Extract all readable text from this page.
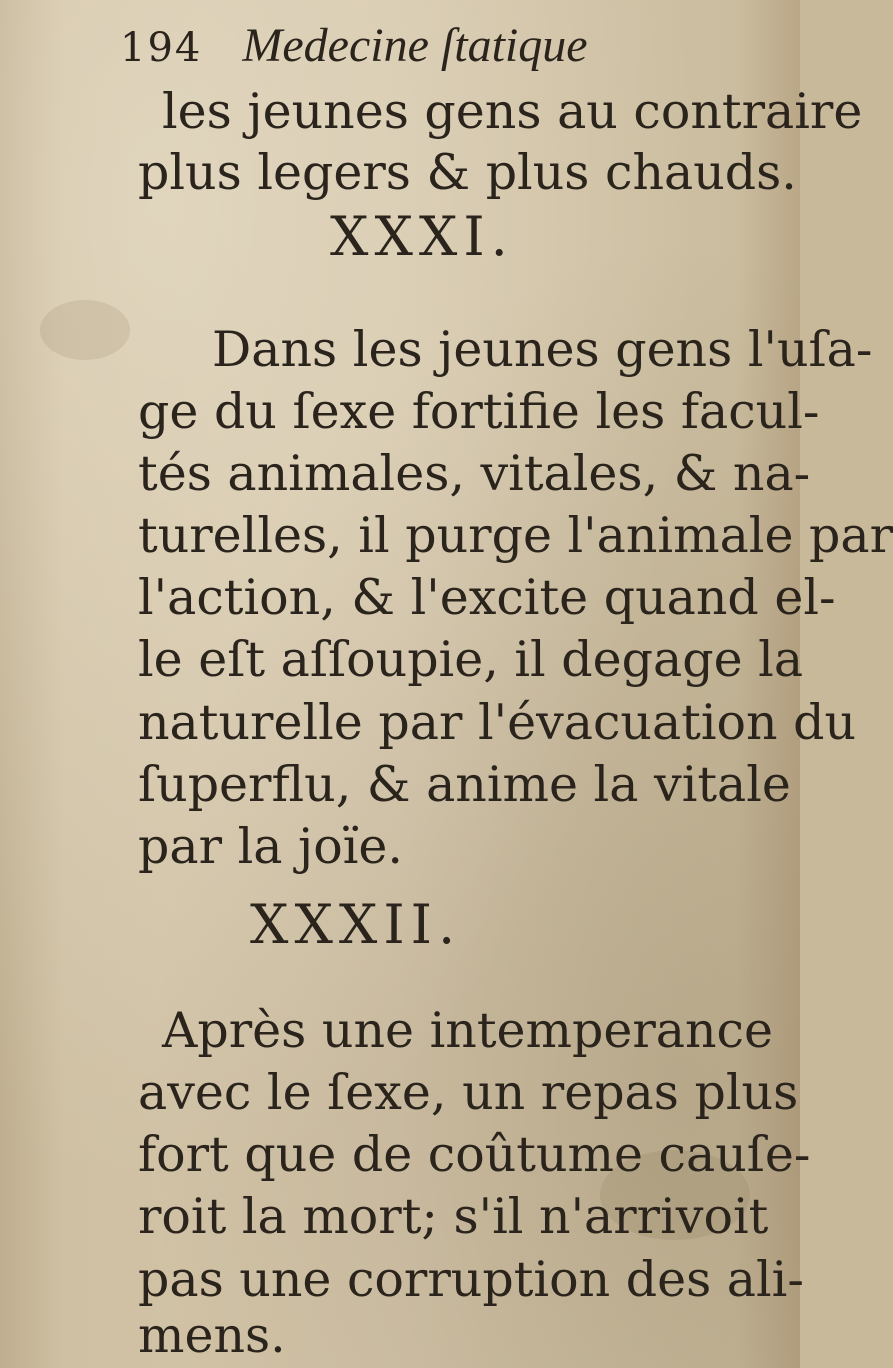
194 Medecine ſtatique
les jeunes gens au contraire
plus legers & plus chauds.
XXXI.
Dans les jeunes gens l'uſa-
ge du ſexe fortifie les facul-
tés animales, vitales, & na-
turelles, il purge l'animale par
l'action, & l'excite quand el-
le eſt aſſoupie, il degage la
naturelle par l'évacuation du
ſuperflu, & anime la vitale
par la joïe.
XXXII.
Après une intemperance
avec le ſexe, un repas plus
fort que de coûtume cauſe-
roit la mort; s'il n'arrivoit
pas une corruption des ali-
mens.
